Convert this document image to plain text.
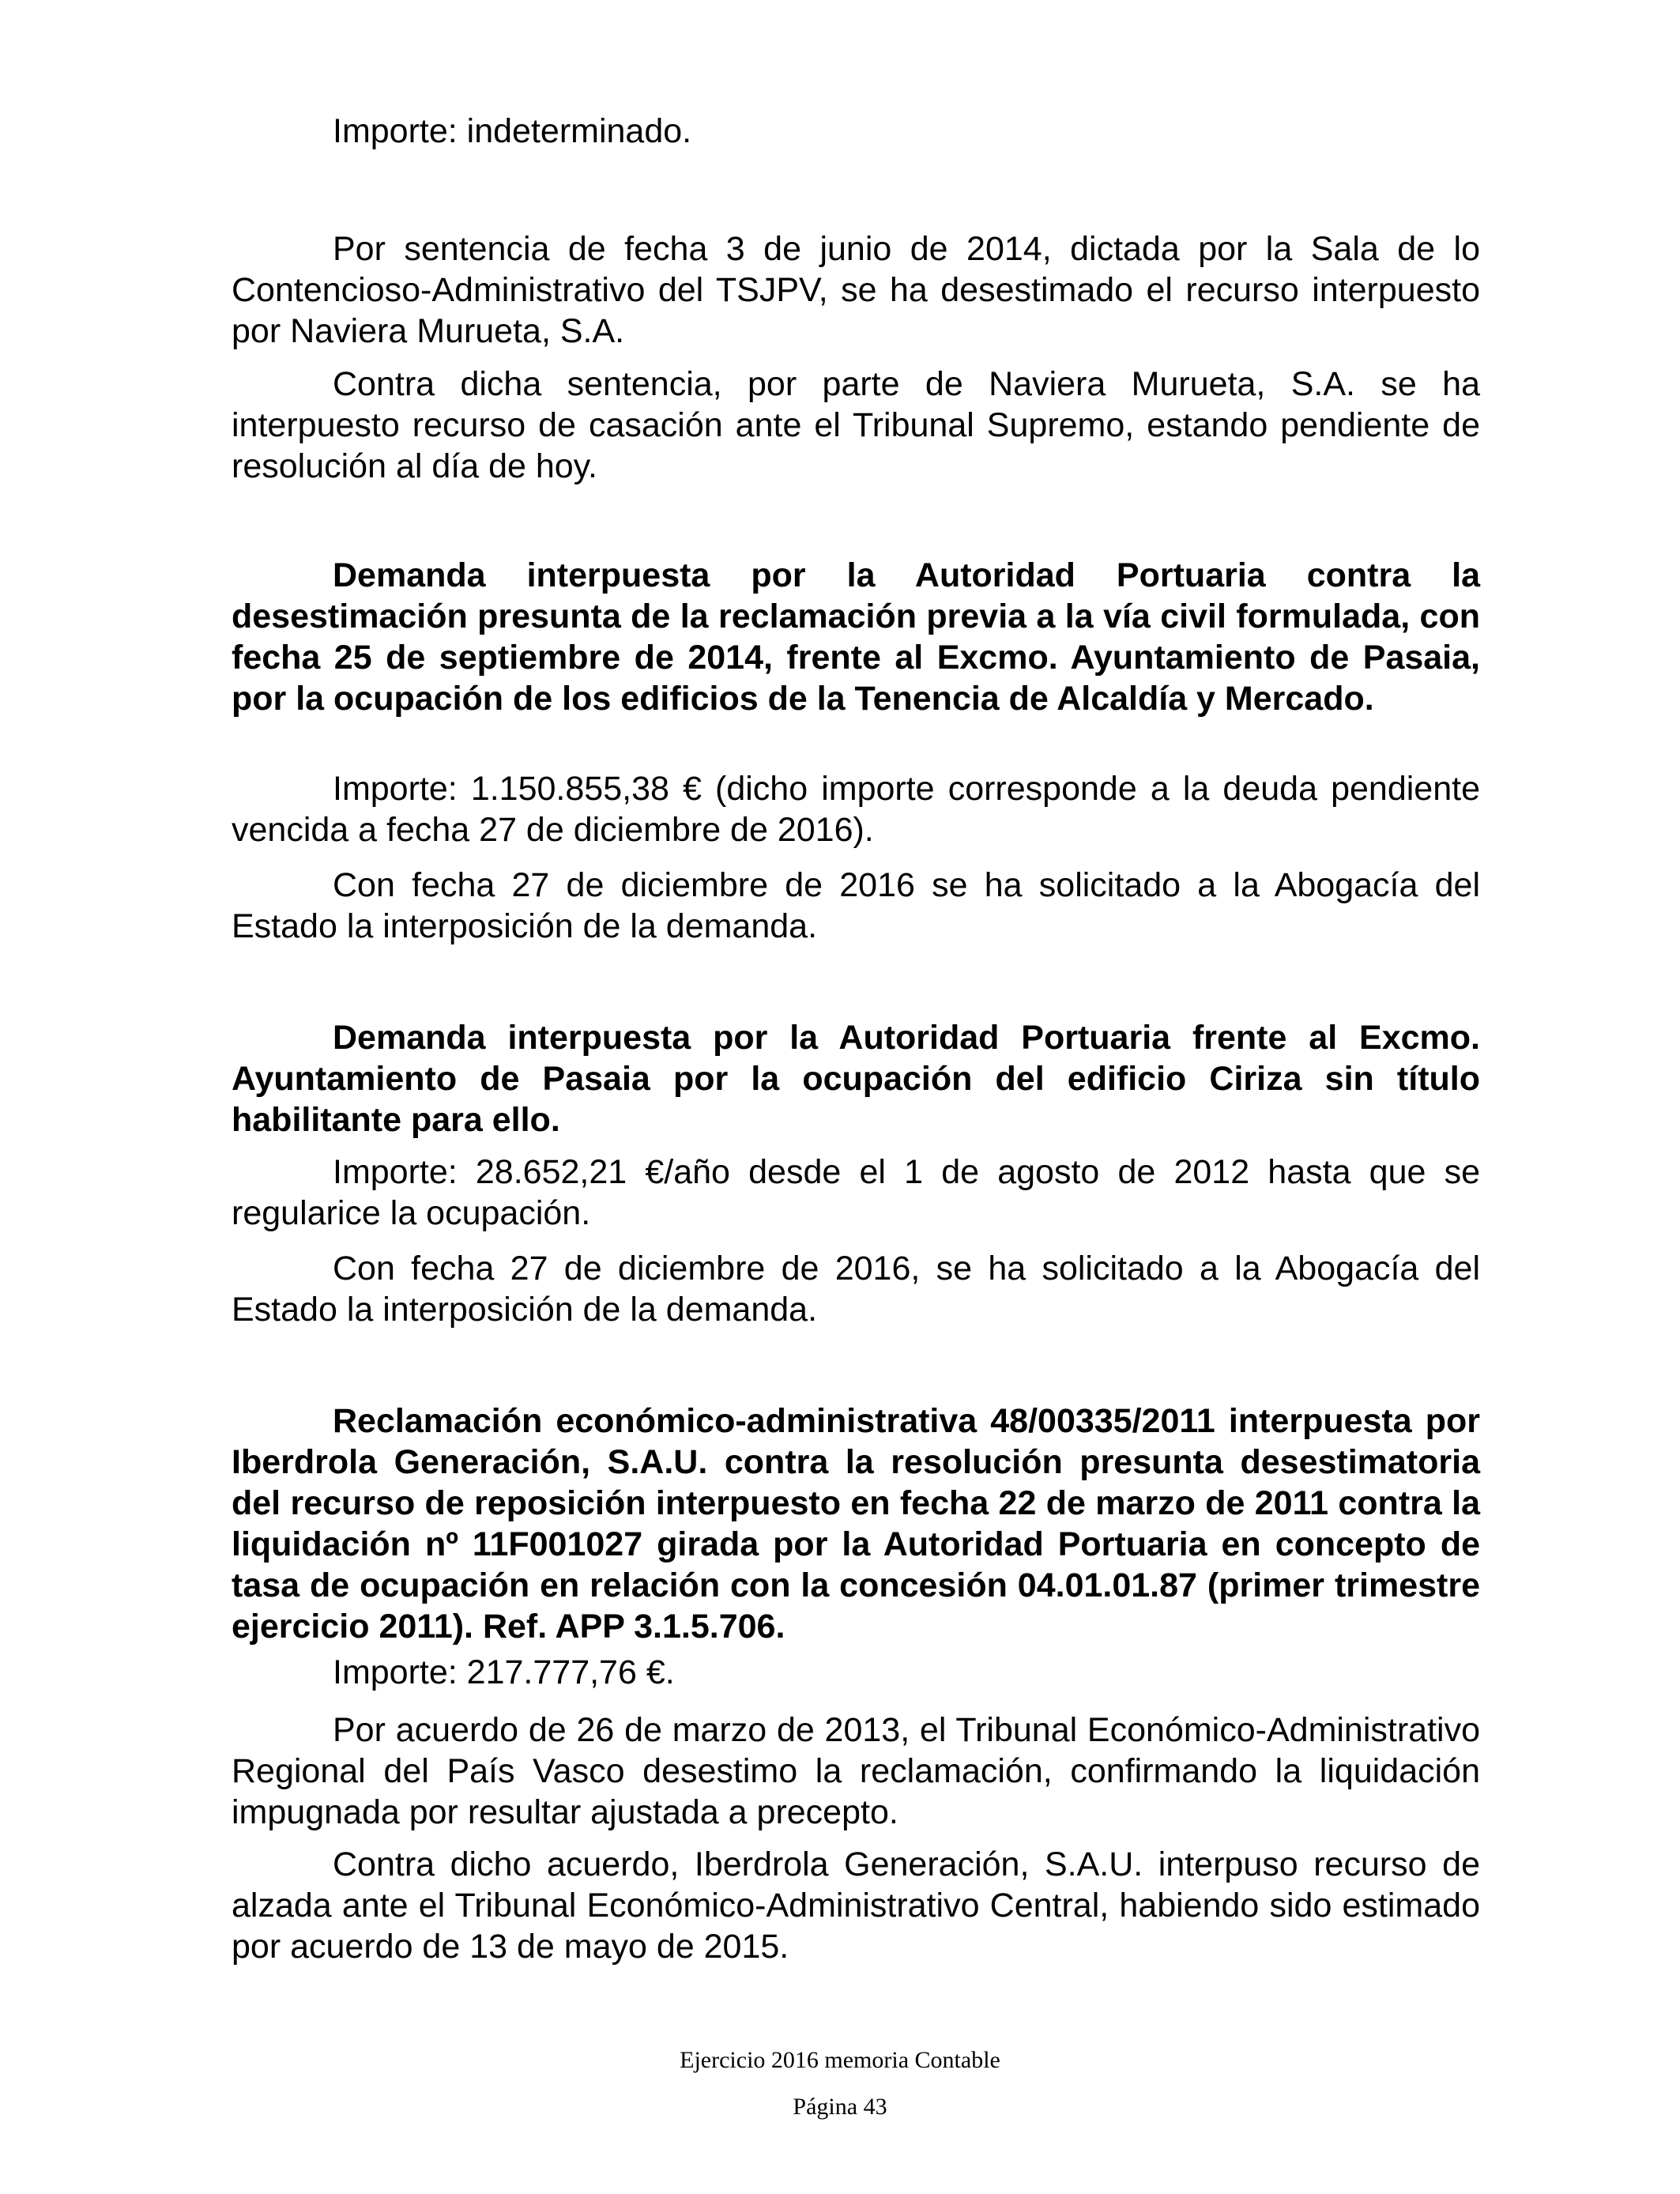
Importe: indeterminado.

Por sentencia de fecha 3 de junio de 2014, dictada por la Sala de lo Contencioso-Administrativo del TSJPV, se ha desestimado el recurso interpuesto por Naviera Murueta, S.A.

Contra dicha sentencia, por parte de Naviera Murueta, S.A. se ha interpuesto recurso de casación ante el Tribunal Supremo, estando pendiente de resolución al día de hoy.

Demanda interpuesta por la Autoridad Portuaria contra la desestimación presunta de la reclamación previa a la vía civil formulada, con fecha 25 de septiembre de 2014, frente al Excmo. Ayuntamiento de Pasaia, por la ocupación de los edificios de la Tenencia de Alcaldía y Mercado.

Importe: 1.150.855,38 € (dicho importe corresponde a la deuda pendiente vencida a fecha 27 de diciembre de 2016).

Con fecha 27 de diciembre de 2016 se ha solicitado a la Abogacía del Estado la interposición de la demanda.

Demanda interpuesta por la Autoridad Portuaria frente al Excmo. Ayuntamiento de Pasaia por la ocupación del edificio Ciriza sin título habilitante para ello.

Importe: 28.652,21 €/año desde el 1 de agosto de 2012 hasta que se regularice la ocupación.

Con fecha 27 de diciembre de 2016, se ha solicitado a la Abogacía del Estado la interposición de la demanda.

Reclamación económico-administrativa 48/00335/2011 interpuesta por Iberdrola Generación, S.A.U. contra la resolución presunta desestimatoria del recurso de reposición interpuesto en fecha 22 de marzo de 2011 contra la liquidación nº 11F001027 girada por la Autoridad Portuaria en concepto de tasa de ocupación en relación con la concesión 04.01.01.87 (primer trimestre ejercicio 2011). Ref. APP 3.1.5.706.

Importe: 217.777,76 €.

Por acuerdo de 26 de marzo de 2013, el Tribunal Económico-Administrativo Regional del País Vasco desestimo la reclamación, confirmando la liquidación impugnada por resultar ajustada a precepto.

Contra dicho acuerdo, Iberdrola Generación, S.A.U. interpuso recurso de alzada ante el Tribunal Económico-Administrativo Central, habiendo sido estimado por acuerdo de 13 de mayo de 2015.

Ejercicio 2016 memoria Contable
Página 43
